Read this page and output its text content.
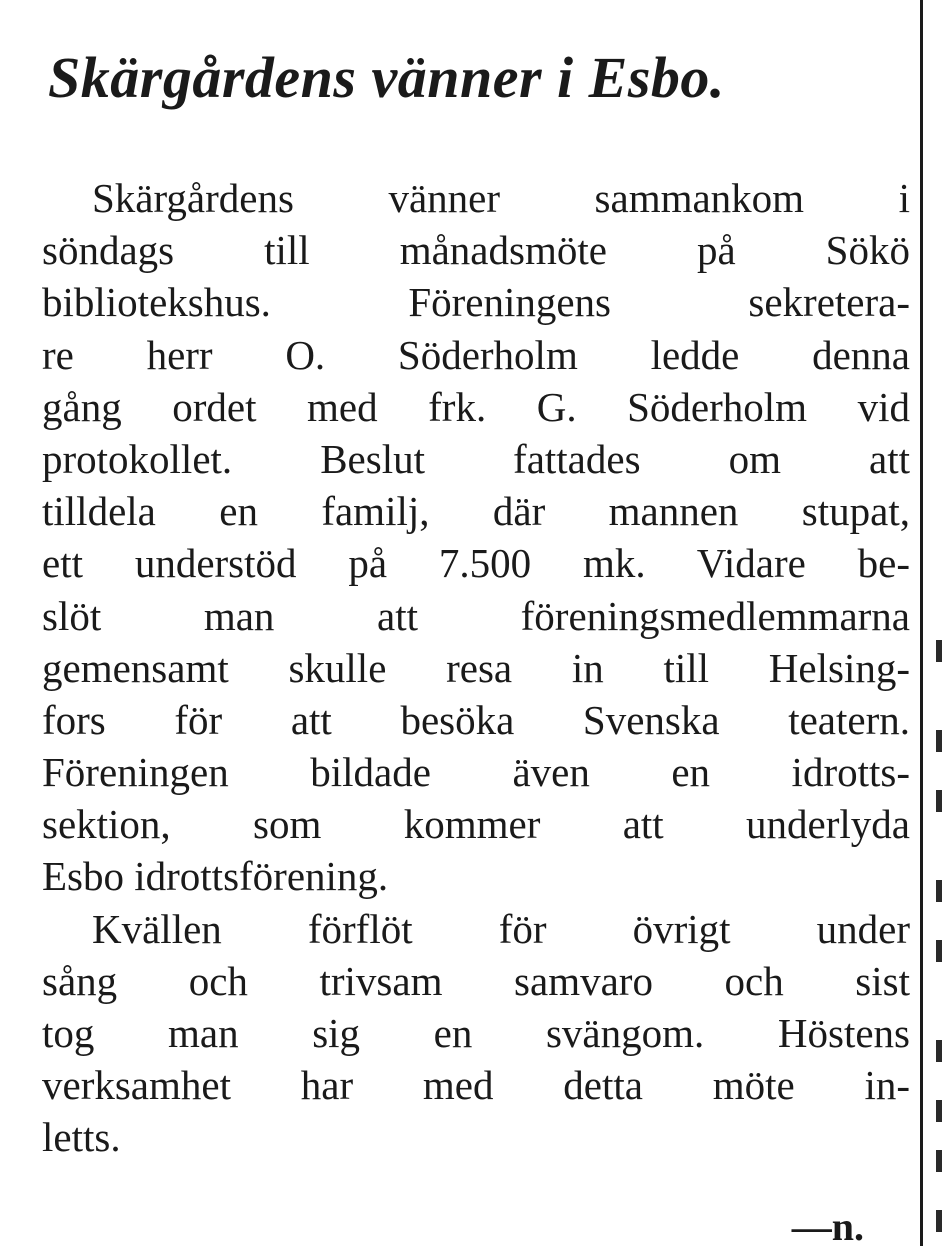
Skärgårdens vänner i Esbo.
Skärgårdens vänner sammankom i
söndags till månadsmöte på Sökö
bibliotekshus. Föreningens sekretera-
re herr O. Söderholm ledde denna
gång ordet med frk. G. Söderholm vid
protokollet. Beslut fattades om att
tilldela en familj, där mannen stupat,
ett understöd på 7.500 mk. Vidare be-
slöt man att föreningsmedlemmarna
gemensamt skulle resa in till Helsing-
fors för att besöka Svenska teatern.
Föreningen bildade även en idrotts-
sektion, som kommer att underlyda
Esbo idrottsförening.
Kvällen förflöt för övrigt under
sång och trivsam samvaro och sist
tog man sig en svängom. Höstens
verksamhet har med detta möte in-
letts.
—n.
